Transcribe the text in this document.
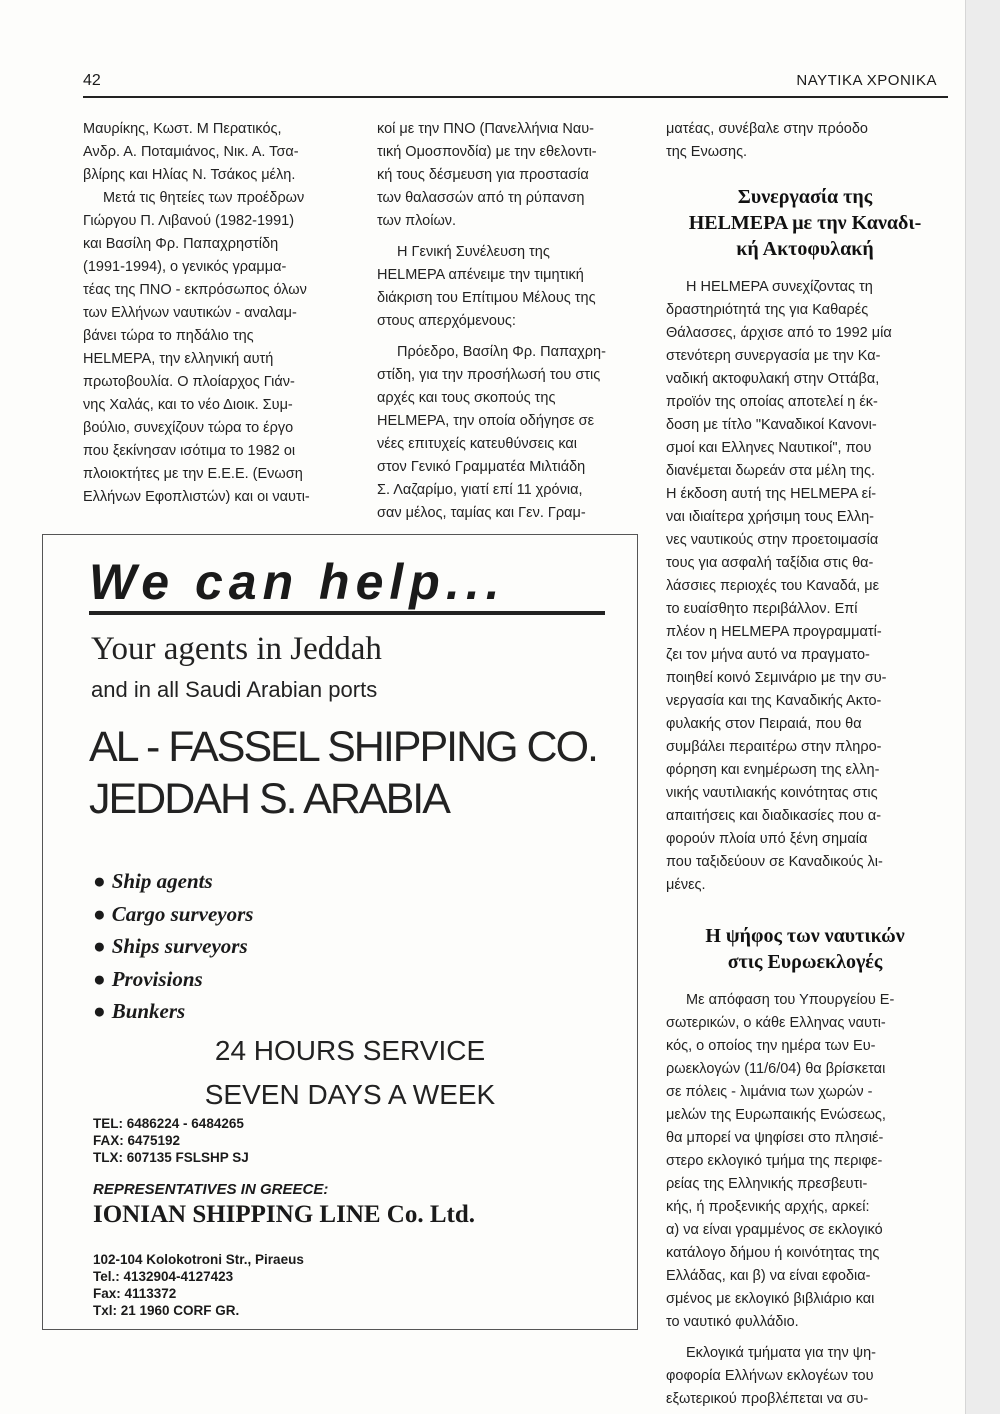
42	ΝΑΥΤΙΚΑ ΧΡΟΝΙΚΑ
Μαυρίκης, Κωστ. Μ Περατικός,
Ανδρ. Α. Ποταμιάνος, Νικ. Α. Τσα-
βλίρης και Ηλίας Ν. Τσάκος μέλη.
Μετά τις θητείες των προέδρων
Γιώργου Π. Λιβανού (1982-1991)
και Βασίλη Φρ. Παπαχρηστίδη
(1991-1994), ο γενικός γραμμα-
τέας της ΠΝΟ - εκπρόσωπος όλων
των Ελλήνων ναυτικών - αναλαμ-
βάνει τώρα το πηδάλιο της
HELMEPA, την ελληνική αυτή
πρωτοβουλία. Ο πλοίαρχος Γιάν-
νης Χαλάς, και το νέο Διοικ. Συμ-
βούλιο, συνεχίζουν τώρα το έργο
που ξεκίνησαν ισότιμα το 1982 οι
πλοιοκτήτες με την Ε.Ε.Ε. (Ενωση
Ελλήνων Εφοπλιστών) και οι ναυτι-
κοί με την ΠΝΟ (Πανελλήνια Ναυ-
τική Ομοσπονδία) με την εθελοντι-
κή τους δέσμευση για προστασία
των θαλασσών από τη ρύπανση
των πλοίων.
Η Γενική Συνέλευση της
HELMEPA απένειμε την τιμητική
διάκριση του Επίτιμου Μέλους της
στους απερχόμενους:
Πρόεδρο, Βασίλη Φρ. Παπαχρη-
στίδη, για την προσήλωσή του στις
αρχές και τους σκοπούς της
HELMEPA, την οποία οδήγησε σε
νέες επιτυχείς κατευθύνσεις και
στον Γενικό Γραμματέα Μιλτιάδη
Σ. Λαζαρίμο, γιατί επί 11 χρόνια,
σαν μέλος, ταμίας και Γεν. Γραμ-
ματέας, συνέβαλε στην πρόοδο
της Ενωσης.
Συνεργασία της
HELMEPA με την Καναδι-
κή Ακτοφυλακή
Η HELMEPA συνεχίζοντας τη
δραστηριότητά της για Καθαρές
Θάλασσες, άρχισε από το 1992 μία
στενότερη συνεργασία με την Κα-
ναδική ακτοφυλακή στην Οττάβα,
προϊόν της οποίας αποτελεί η έκ-
δοση με τίτλο "Καναδικοί Κανονι-
σμοί και Ελληνες Ναυτικοί", που
διανέμεται δωρεάν στα μέλη της.
Η έκδοση αυτή της HELMEPA εί-
ναι ιδιαίτερα χρήσιμη τους Ελλη-
νες ναυτικούς στην προετοιμασία
τους για ασφαλή ταξίδια στις θα-
λάσσιες περιοχές του Καναδά, με
το ευαίσθητο περιβάλλον. Επί
πλέον η HELMEPA προγραμματί-
ζει τον μήνα αυτό να πραγματο-
ποιηθεί κοινό Σεμινάριο με την συ-
νεργασία και της Καναδικής Ακτο-
φυλακής στον Πειραιά, που θα
συμβάλει περαιτέρω στην πληρο-
φόρηση και ενημέρωση της ελλη-
νικής ναυτιλιακής κοινότητας στις
απαιτήσεις και διαδικασίες που α-
φορούν πλοία υπό ξένη σημαία
που ταξιδεύουν σε Καναδικούς λι-
μένες.
Η ψήφος των ναυτικών
στις Ευρωεκλογές
Με απόφαση του Υπουργείου Ε-
σωτερικών, ο κάθε Ελληνας ναυτι-
κός, ο οποίος την ημέρα των Ευ-
ρωεκλογών (11/6/04) θα βρίσκεται
σε πόλεις - λιμάνια των χωρών -
μελών της Ευρωπαικής Ενώσεως,
θα μπορεί να ψηφίσει στο πλησιέ-
στερο εκλογικό τμήμα της περιφε-
ρείας της Ελληνικής πρεσβευτι-
κής, ή προξενικής αρχής, αρκεί:
α) να είναι γραμμένος σε εκλογικό
κατάλογο δήμου ή κοινότητας της
Ελλάδας, και β) να είναι εφοδια-
σμένος με εκλογικό βιβλιάριο και
το ναυτικό φυλλάδιο.
Εκλογικά τμήματα για την ψη-
φοφορία Ελλήνων εκλογέων του
εξωτερικού προβλέπεται να συ-
We can help...
Your agents in Jeddah
and in all Saudi Arabian ports
AL - FASSEL SHIPPING CO.
JEDDAH S. ARABIA
● Ship agents
● Cargo surveyors
● Ships surveyors
● Provisions
● Bunkers
24 HOURS SERVICE
SEVEN DAYS A WEEK
TEL: 6486224 - 6484265
FAX: 6475192
TLX: 607135 FSLSHP SJ
REPRESENTATIVES IN GREECE:
IONIAN SHIPPING LINE Co. Ltd.
102-104 Kolokotroni Str., Piraeus
Tel.: 4132904-4127423
Fax: 4113372
Txl: 21 1960 CORF GR.
